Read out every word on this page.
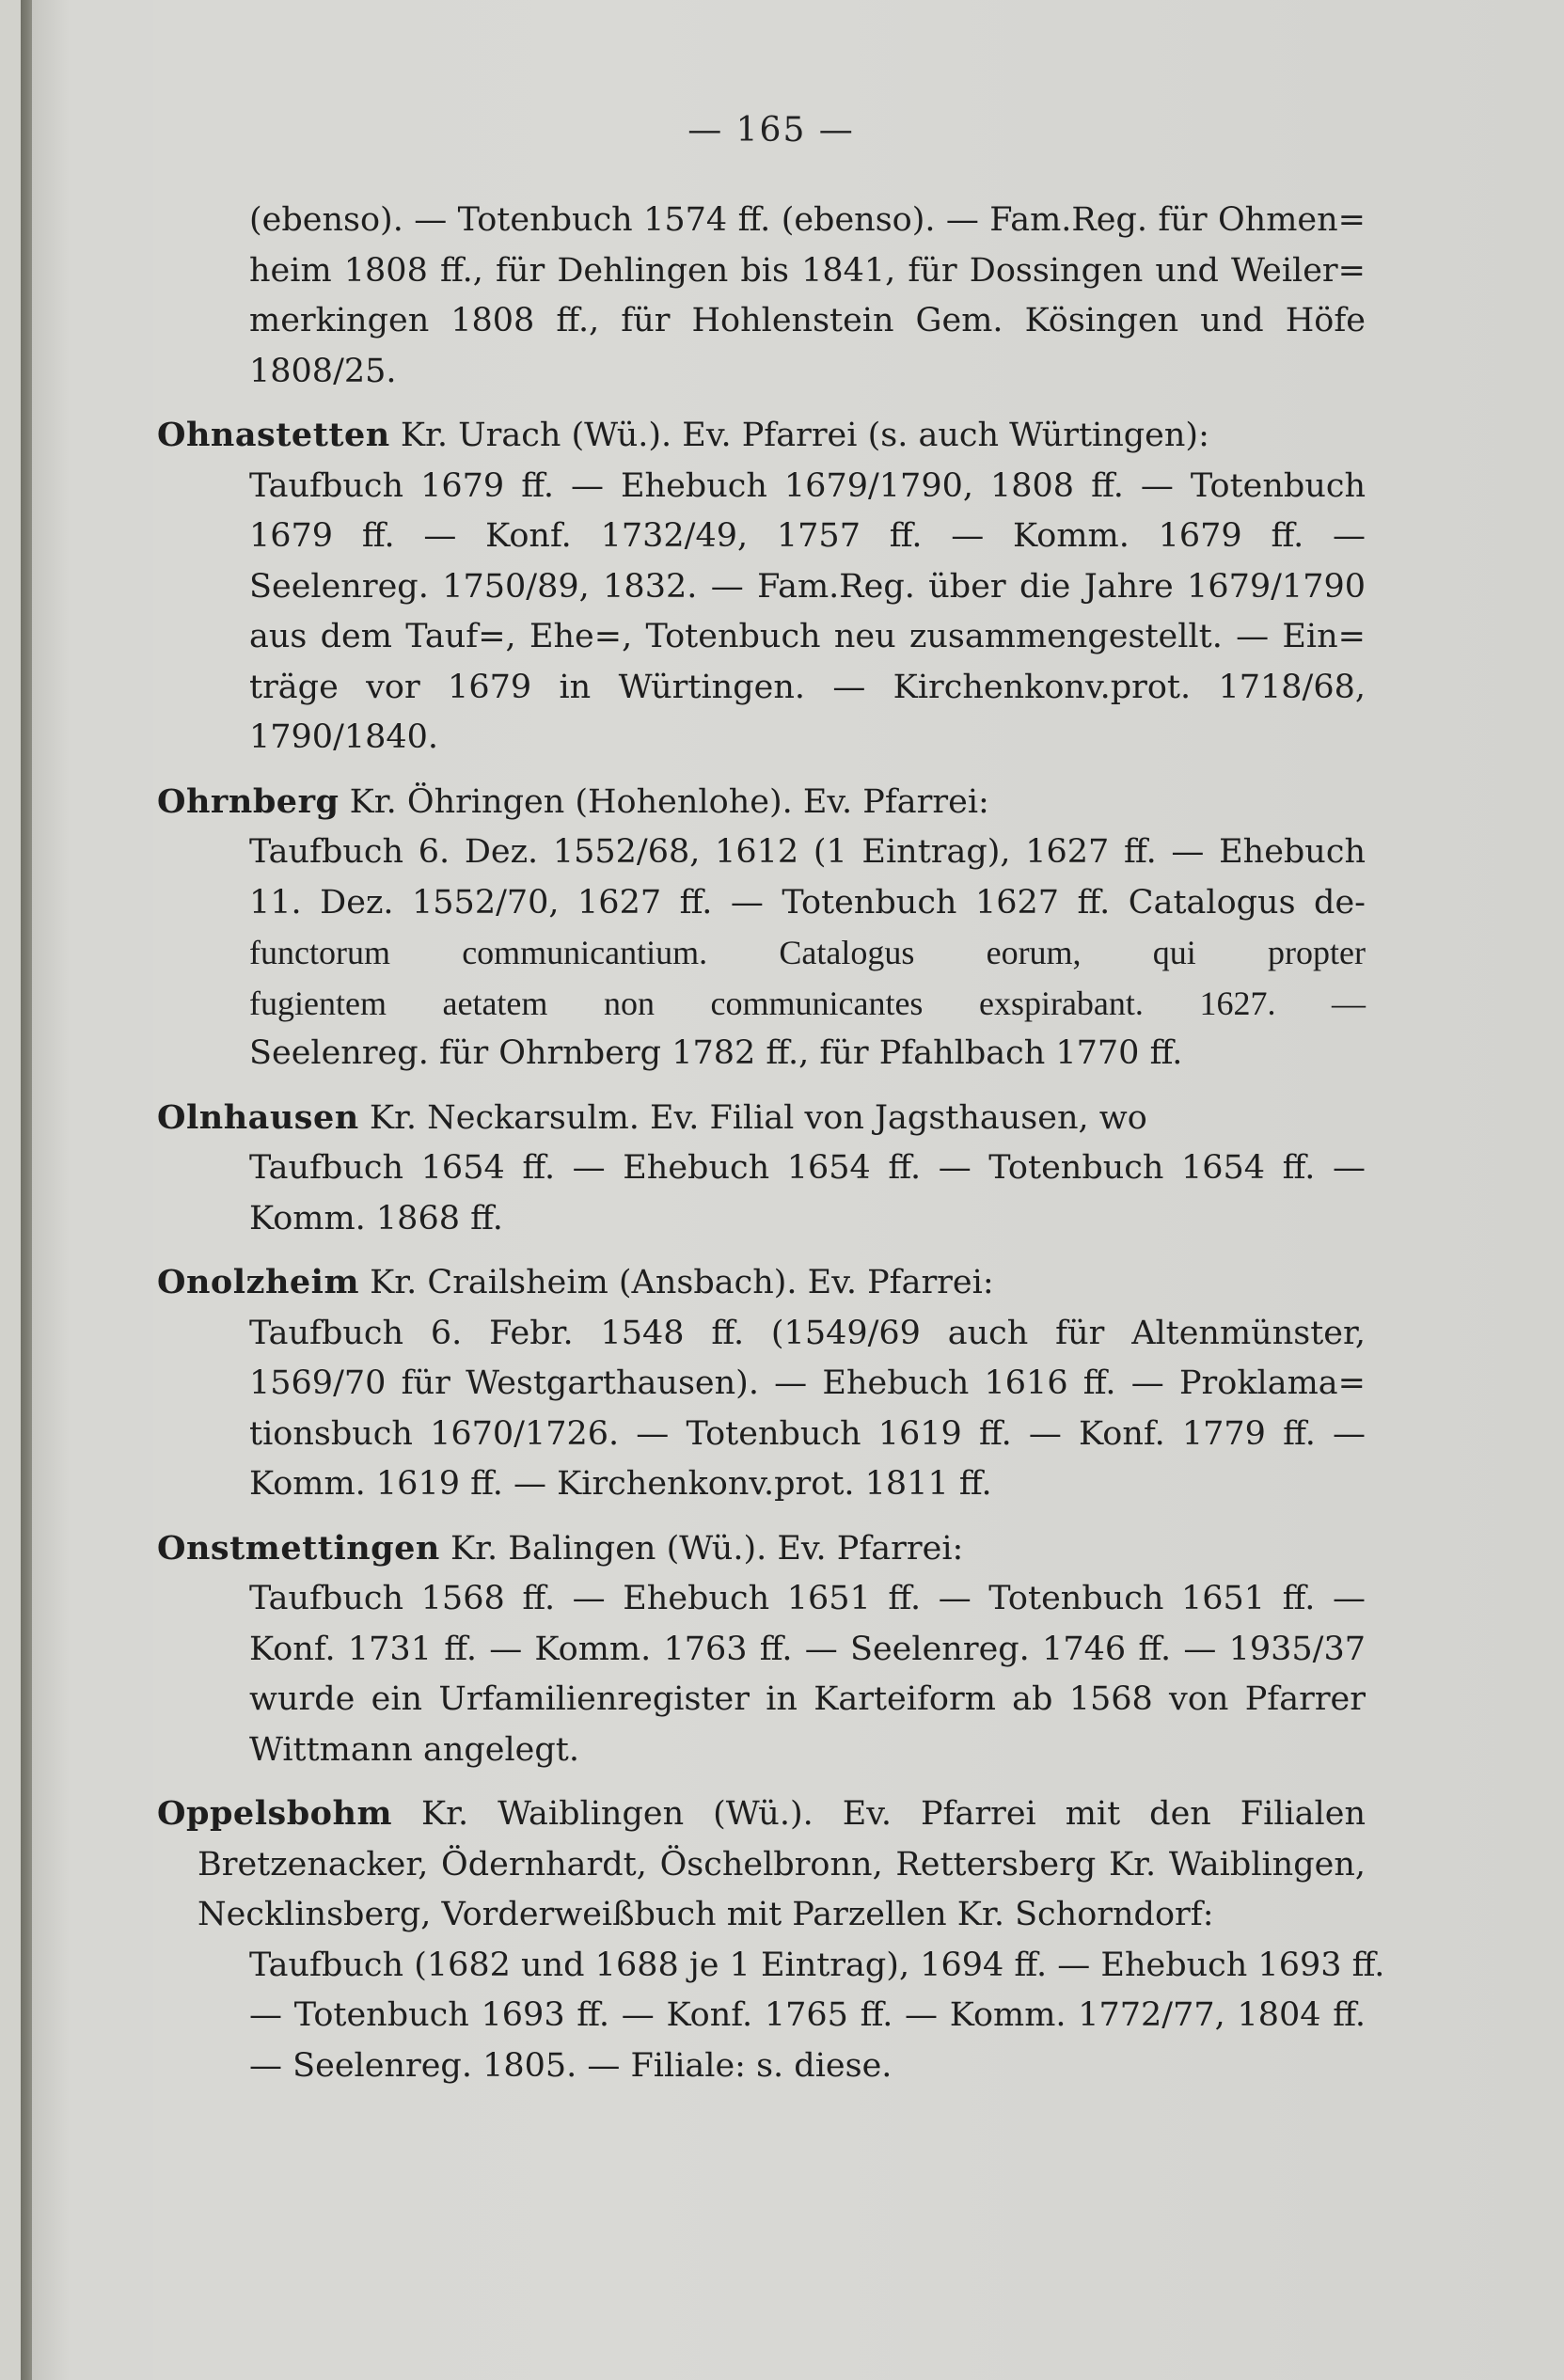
— 165 —

(ebenso). — Totenbuch 1574 ff. (ebenso). — Fam.Reg. für Ohmen=
heim 1808 ff., für Dehlingen bis 1841, für Dossingen und Weiler=
merkingen 1808 ff., für Hohlenstein Gem. Kösingen und Höfe
1808/25.

Ohnastetten Kr. Urach (Wü.). Ev. Pfarrei (s. auch Würtingen):
Taufbuch 1679 ff. — Ehebuch 1679/1790, 1808 ff. — Totenbuch
1679 ff. — Konf. 1732/49, 1757 ff. — Komm. 1679 ff. —
Seelenreg. 1750/89, 1832. — Fam.Reg. über die Jahre 1679/1790
aus dem Tauf=, Ehe=, Totenbuch neu zusammengestellt. — Ein=
träge vor 1679 in Würtingen. — Kirchenkonv.prot. 1718/68,
1790/1840.

Ohrnberg Kr. Öhringen (Hohenlohe). Ev. Pfarrei:
Taufbuch 6. Dez. 1552/68, 1612 (1 Eintrag), 1627 ff. — Ehebuch
11. Dez. 1552/70, 1627 ff. — Totenbuch 1627 ff. Catalogus de-
functorum communicantium. Catalogus eorum, qui propter
fugientem aetatem non communicantes exspirabant. 1627. —
Seelenreg. für Ohrnberg 1782 ff., für Pfahlbach 1770 ff.

Olnhausen Kr. Neckarsulm. Ev. Filial von Jagsthausen, wo
Taufbuch 1654 ff. — Ehebuch 1654 ff. — Totenbuch 1654 ff. —
Komm. 1868 ff.

Onolzheim Kr. Crailsheim (Ansbach). Ev. Pfarrei:
Taufbuch 6. Febr. 1548 ff. (1549/69 auch für Altenmünster,
1569/70 für Westgarthausen). — Ehebuch 1616 ff. — Proklama=
tionsbuch 1670/1726. — Totenbuch 1619 ff. — Konf. 1779 ff. —
Komm. 1619 ff. — Kirchenkonv.prot. 1811 ff.

Onstmettingen Kr. Balingen (Wü.). Ev. Pfarrei:
Taufbuch 1568 ff. — Ehebuch 1651 ff. — Totenbuch 1651 ff. —
Konf. 1731 ff. — Komm. 1763 ff. — Seelenreg. 1746 ff. — 1935/37
wurde ein Urfamilienregister in Karteiform ab 1568 von Pfarrer
Wittmann angelegt.

Oppelsbohm Kr. Waiblingen (Wü.). Ev. Pfarrei mit den Filialen
Bretzenacker, Ödernhardt, Öschelbronn, Rettersberg Kr. Waiblingen,
Necklinsberg, Vorderweißbuch mit Parzellen Kr. Schorndorf:
Taufbuch (1682 und 1688 je 1 Eintrag), 1694 ff. — Ehebuch 1693 ff.
— Totenbuch 1693 ff. — Konf. 1765 ff. — Komm. 1772/77, 1804 ff.
— Seelenreg. 1805. — Filiale: s. diese.
